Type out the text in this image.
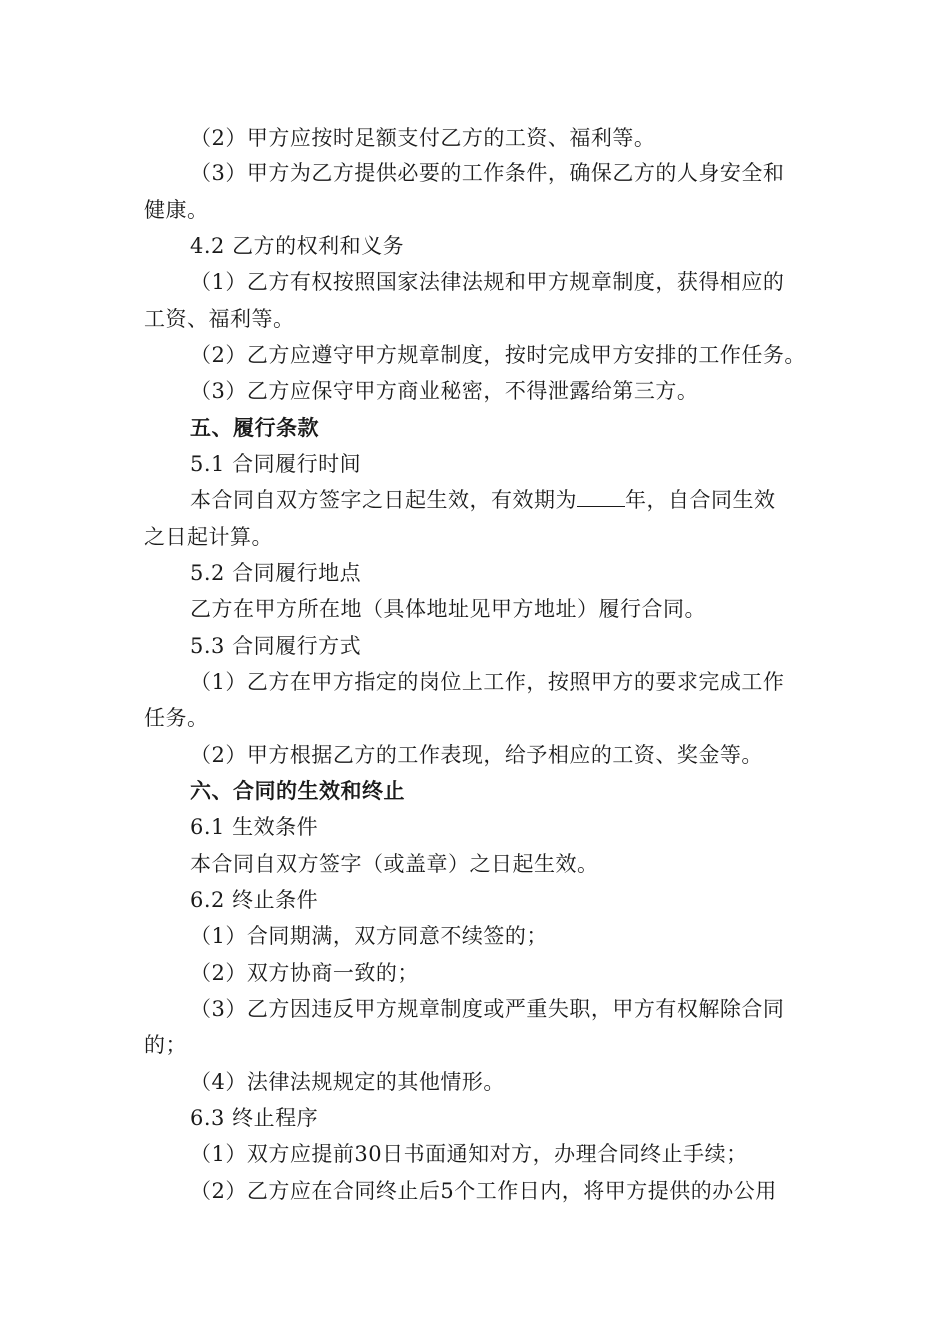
（2）甲方应按时足额支付乙方的工资、福利等。
（3）甲方为乙方提供必要的工作条件，确保乙方的人身安全和
健康。
4.2 乙方的权利和义务
（1）乙方有权按照国家法律法规和甲方规章制度，获得相应的
工资、福利等。
（2）乙方应遵守甲方规章制度，按时完成甲方安排的工作任务。
（3）乙方应保守甲方商业秘密，不得泄露给第三方。
五、履行条款
5.1 合同履行时间
本合同自双方签字之日起生效，有效期为 年，自合同生效
之日起计算。
5.2 合同履行地点
乙方在甲方所在地（具体地址见甲方地址）履行合同。
5.3 合同履行方式
（1）乙方在甲方指定的岗位上工作，按照甲方的要求完成工作
任务。
（2）甲方根据乙方的工作表现，给予相应的工资、奖金等。
六、合同的生效和终止
6.1 生效条件
本合同自双方签字（或盖章）之日起生效。
6.2 终止条件
（1）合同期满，双方同意不续签的；
（2）双方协商一致的；
（3）乙方因违反甲方规章制度或严重失职，甲方有权解除合同
的；
（4）法律法规规定的其他情形。
6.3 终止程序
（1）双方应提前30日书面通知对方，办理合同终止手续；
（2）乙方应在合同终止后5个工作日内，将甲方提供的办公用
